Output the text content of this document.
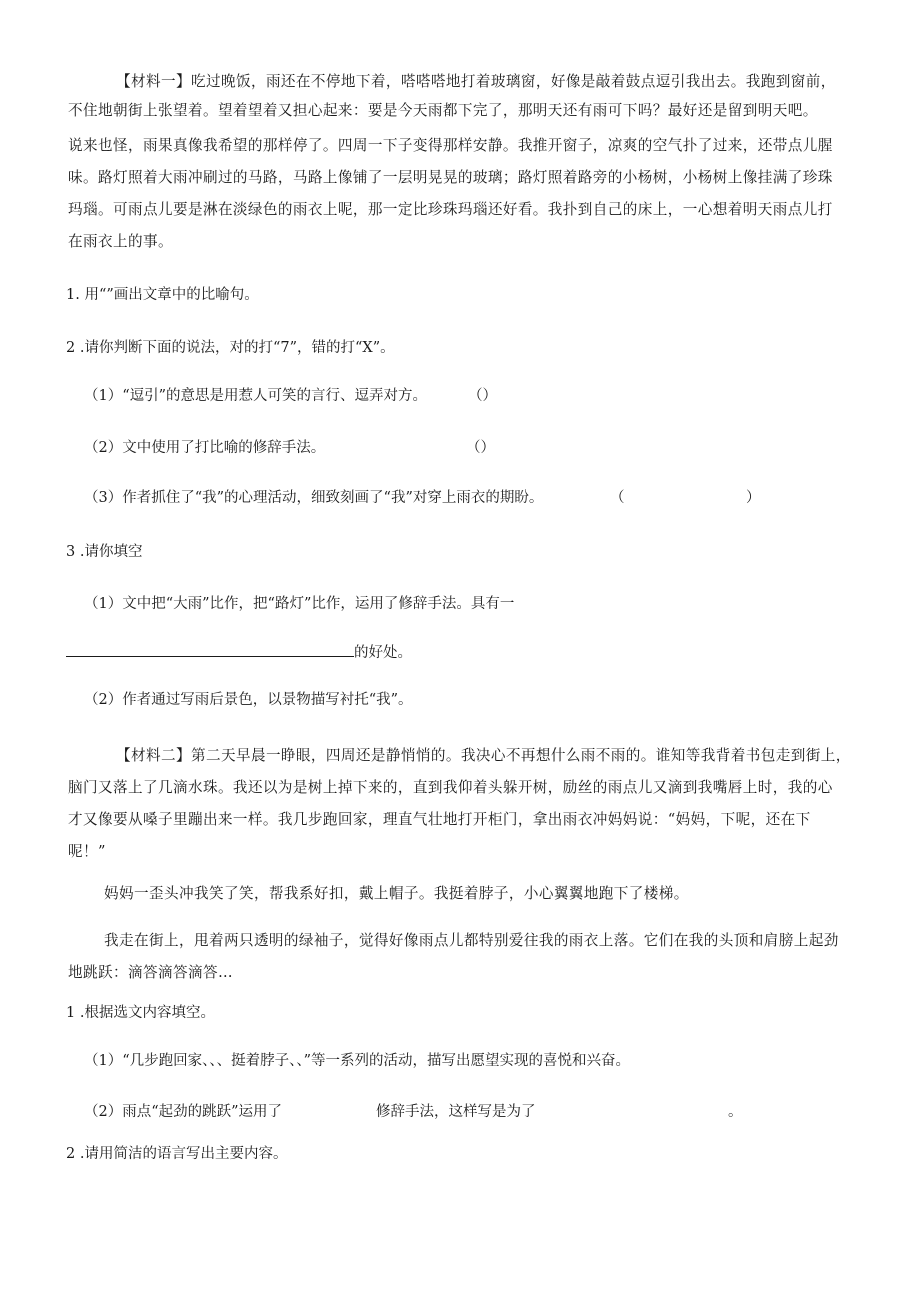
【材料一】吃过晚饭，雨还在不停地下着，嗒嗒嗒地打着玻璃窗，好像是敲着鼓点逗引我出去。我跑到窗前，
不住地朝街上张望着。望着望着又担心起来：要是今天雨都下完了，那明天还有雨可下吗？最好还是留到明天吧。
说来也怪，雨果真像我希望的那样停了。四周一下子变得那样安静。我推开窗子，凉爽的空气扑了过来，还带点儿腥
味。路灯照着大雨冲刷过的马路，马路上像铺了一层明晃晃的玻璃；路灯照着路旁的小杨树，小杨树上像挂满了珍珠
玛瑙。可雨点儿要是淋在淡绿色的雨衣上呢，那一定比珍珠玛瑙还好看。我扑到自己的床上，一心想着明天雨点儿打
在雨衣上的事。
1. 用“”画出文章中的比喻句。
2 .请你判断下面的说法，对的打“7”，错的打“X”。
（1）“逗引”的意思是用惹人可笑的言行、逗弄对方。	（）
（2）文中使用了打比喻的修辞手法。	（）
（3）作者抓住了“我”的心理活动，细致刻画了“我”对穿上雨衣的期盼。	（	）
3 .请你填空
（1）文中把“大雨”比作，把“路灯”比作，运用了修辞手法。具有一
的好处。
（2）作者通过写雨后景色，以景物描写衬托“我”。
【材料二】第二天早晨一睁眼，四周还是静悄悄的。我决心不再想什么雨不雨的。谁知等我背着书包走到街上，
脑门又落上了几滴水珠。我还以为是树上掉下来的，直到我仰着头躲开树，励丝的雨点儿又滴到我嘴唇上时，我的心
才又像要从嗓子里蹦出来一样。我几步跑回家，理直气壮地打开柜门，拿出雨衣冲妈妈说：“妈妈，下呢，还在下
呢！”
妈妈一歪头冲我笑了笑，帮我系好扣，戴上帽子。我挺着脖子，小心翼翼地跑下了楼梯。
我走在街上，甩着两只透明的绿袖子，觉得好像雨点儿都特别爱往我的雨衣上落。它们在我的头顶和肩膀上起劲
地跳跃：滴答滴答滴答…
1 .根据选文内容填空。
（1）“几步跑回家、、、挺着脖子、、”等一系列的活动，描写出愿望实现的喜悦和兴奋。
（2）雨点“起劲的跳跃”运用了	修辞手法，这样写是为了	。
2 .请用简洁的语言写出主要内容。
